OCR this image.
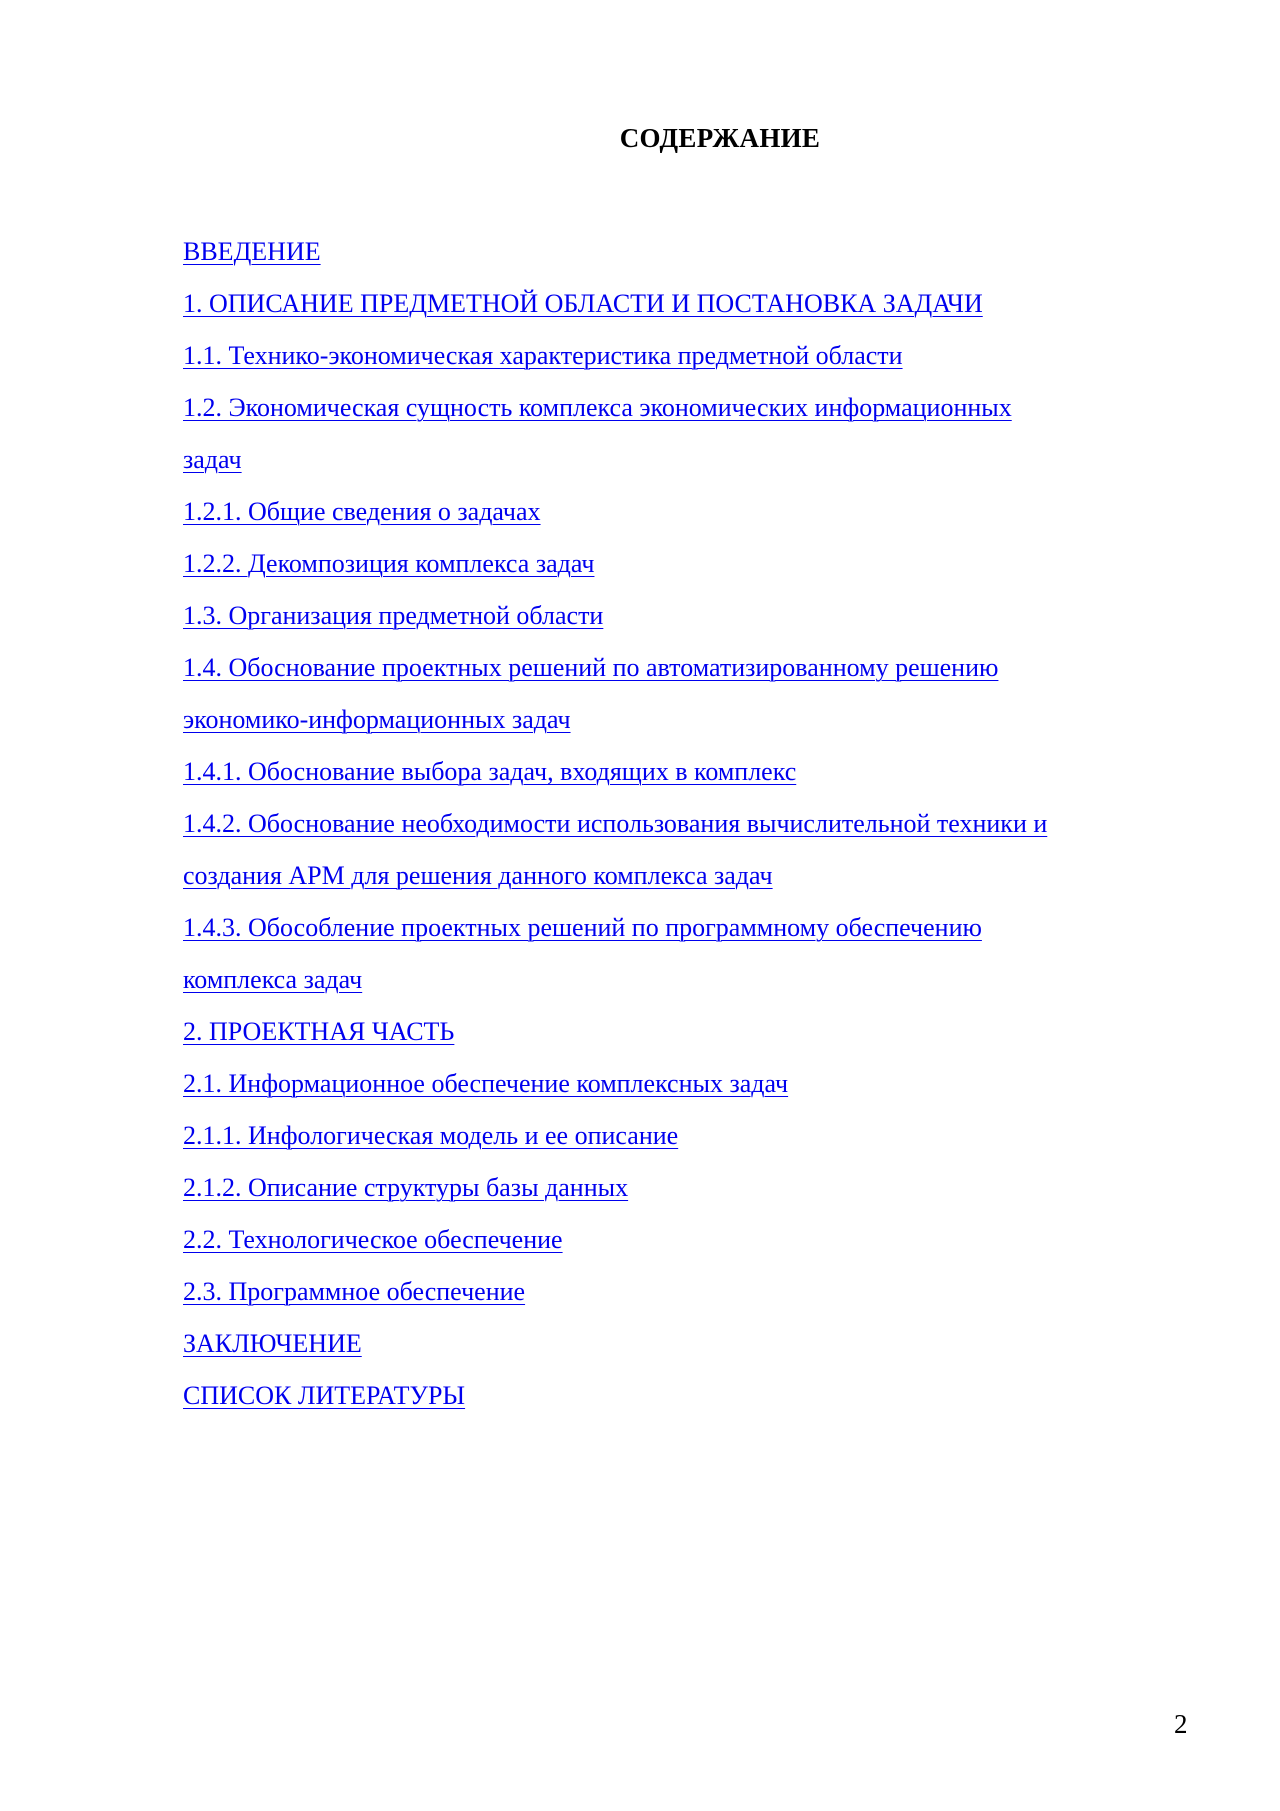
СОДЕРЖАНИЕ
ВВЕДЕНИЕ
1. ОПИСАНИЕ ПРЕДМЕТНОЙ ОБЛАСТИ И ПОСТАНОВКА ЗАДАЧИ
1.1. Технико-экономическая характеристика предметной области
1.2. Экономическая сущность комплекса экономических информационных
задач
1.2.1. Общие сведения о задачах
1.2.2. Декомпозиция комплекса задач
1.3. Организация предметной области
1.4. Обоснование проектных решений по автоматизированному решению
экономико-информационных задач
1.4.1. Обоснование выбора задач, входящих в комплекс
1.4.2. Обоснование необходимости использования вычислительной техники и
создания АРМ для решения данного комплекса задач
1.4.3. Обособление проектных решений по программному обеспечению
комплекса задач
2. ПРОЕКТНАЯ ЧАСТЬ
2.1. Информационное обеспечение комплексных задач
2.1.1. Инфологическая модель и ее описание
2.1.2. Описание структуры базы данных
2.2. Технологическое обеспечение
2.3. Программное обеспечение
ЗАКЛЮЧЕНИЕ
СПИСОК ЛИТЕРАТУРЫ
2
